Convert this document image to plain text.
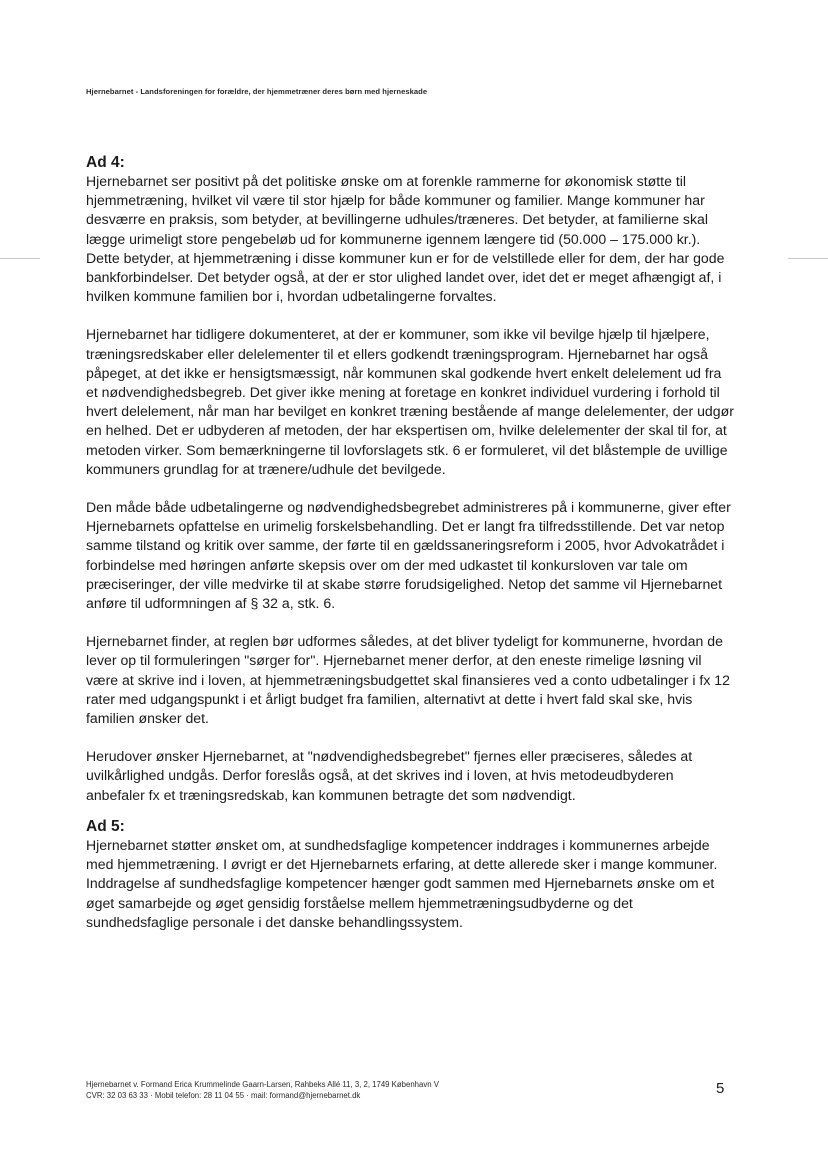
Hjernebarnet - Landsforeningen for forældre, der hjemmetræner deres børn med hjerneskade

Ad 4:

Hjernebarnet ser positivt på det politiske ønske om at forenkle rammerne for økonomisk støtte til hjemmetræning, hvilket vil være til stor hjælp for både kommuner og familier. Mange kommuner har desværre en praksis, som betyder, at bevillingerne udhules/træneres. Det betyder, at familierne skal lægge urimeligt store pengebeløb ud for kommunerne igennem længere tid (50.000 – 175.000 kr.). Dette betyder, at hjemmetræning i disse kommuner kun er for de velstillede eller for dem, der har gode bankforbindelser. Det betyder også, at der er stor ulighed landet over, idet det er meget afhængigt af, i hvilken kommune familien bor i, hvordan udbetalingerne forvaltes.

Hjernebarnet har tidligere dokumenteret, at der er kommuner, som ikke vil bevilge hjælp til hjælpere, træningsredskaber eller delelementer til et ellers godkendt træningsprogram. Hjernebarnet har også påpeget, at det ikke er hensigtsmæssigt, når kommunen skal godkende hvert enkelt delelement ud fra et nødvendighedsbegreb. Det giver ikke mening at foretage en konkret individuel vurdering i forhold til hvert delelement, når man har bevilget en konkret træning bestående af mange delelementer, der udgør en helhed. Det er udbyderen af metoden, der har ekspertisen om, hvilke delelementer der skal til for, at metoden virker. Som bemærkningerne til lovforslagets stk. 6 er formuleret, vil det blåstemple de uvillige kommuners grundlag for at trænere/udhule det bevilgede.

Den måde både udbetalingerne og nødvendighedsbegrebet administreres på i kommunerne, giver efter Hjernebarnets opfattelse en urimelig forskelsbehandling. Det er langt fra tilfredsstillende. Det var netop samme tilstand og kritik over samme, der førte til en gældssaneringsreform i 2005, hvor Advokatrådet i forbindelse med høringen anførte skepsis over om der med udkastet til konkursloven var tale om præciseringer, der ville medvirke til at skabe større forudsigelighed. Netop det samme vil Hjernebarnet anføre til udformningen af § 32 a, stk. 6.

Hjernebarnet finder, at reglen bør udformes således, at det bliver tydeligt for kommunerne, hvordan de lever op til formuleringen "sørger for". Hjernebarnet mener derfor, at den eneste rimelige løsning vil være at skrive ind i loven, at hjemmetræningsbudgettet skal finansieres ved a conto udbetalinger i fx 12 rater med udgangspunkt i et årligt budget fra familien, alternativt at dette i hvert fald skal ske, hvis familien ønsker det.

Herudover ønsker Hjernebarnet, at "nødvendighedsbegrebet" fjernes eller præciseres, således at uvilkårlighed undgås. Derfor foreslås også, at det skrives ind i loven, at hvis metodeudbyderen anbefaler fx et træningsredskab, kan kommunen betragte det som nødvendigt.

Ad 5:

Hjernebarnet støtter ønsket om, at sundhedsfaglige kompetencer inddrages i kommunernes arbejde med hjemmetræning. I øvrigt er det Hjernebarnets erfaring, at dette allerede sker i mange kommuner. Inddragelse af sundhedsfaglige kompetencer hænger godt sammen med Hjernebarnets ønske om et øget samarbejde og øget gensidig forståelse mellem hjemmetræningsudbyderne og det sundhedsfaglige personale i det danske behandlingssystem.

Hjernebarnet v. Formand Erica Krummelinde Gaarn-Larsen, Rahbeks Allé 11, 3, 2, 1749 København V
CVR: 32 03 63 33 · Mobil telefon: 28 11 04 55 · mail: formand@hjernebarnet.dk	5
